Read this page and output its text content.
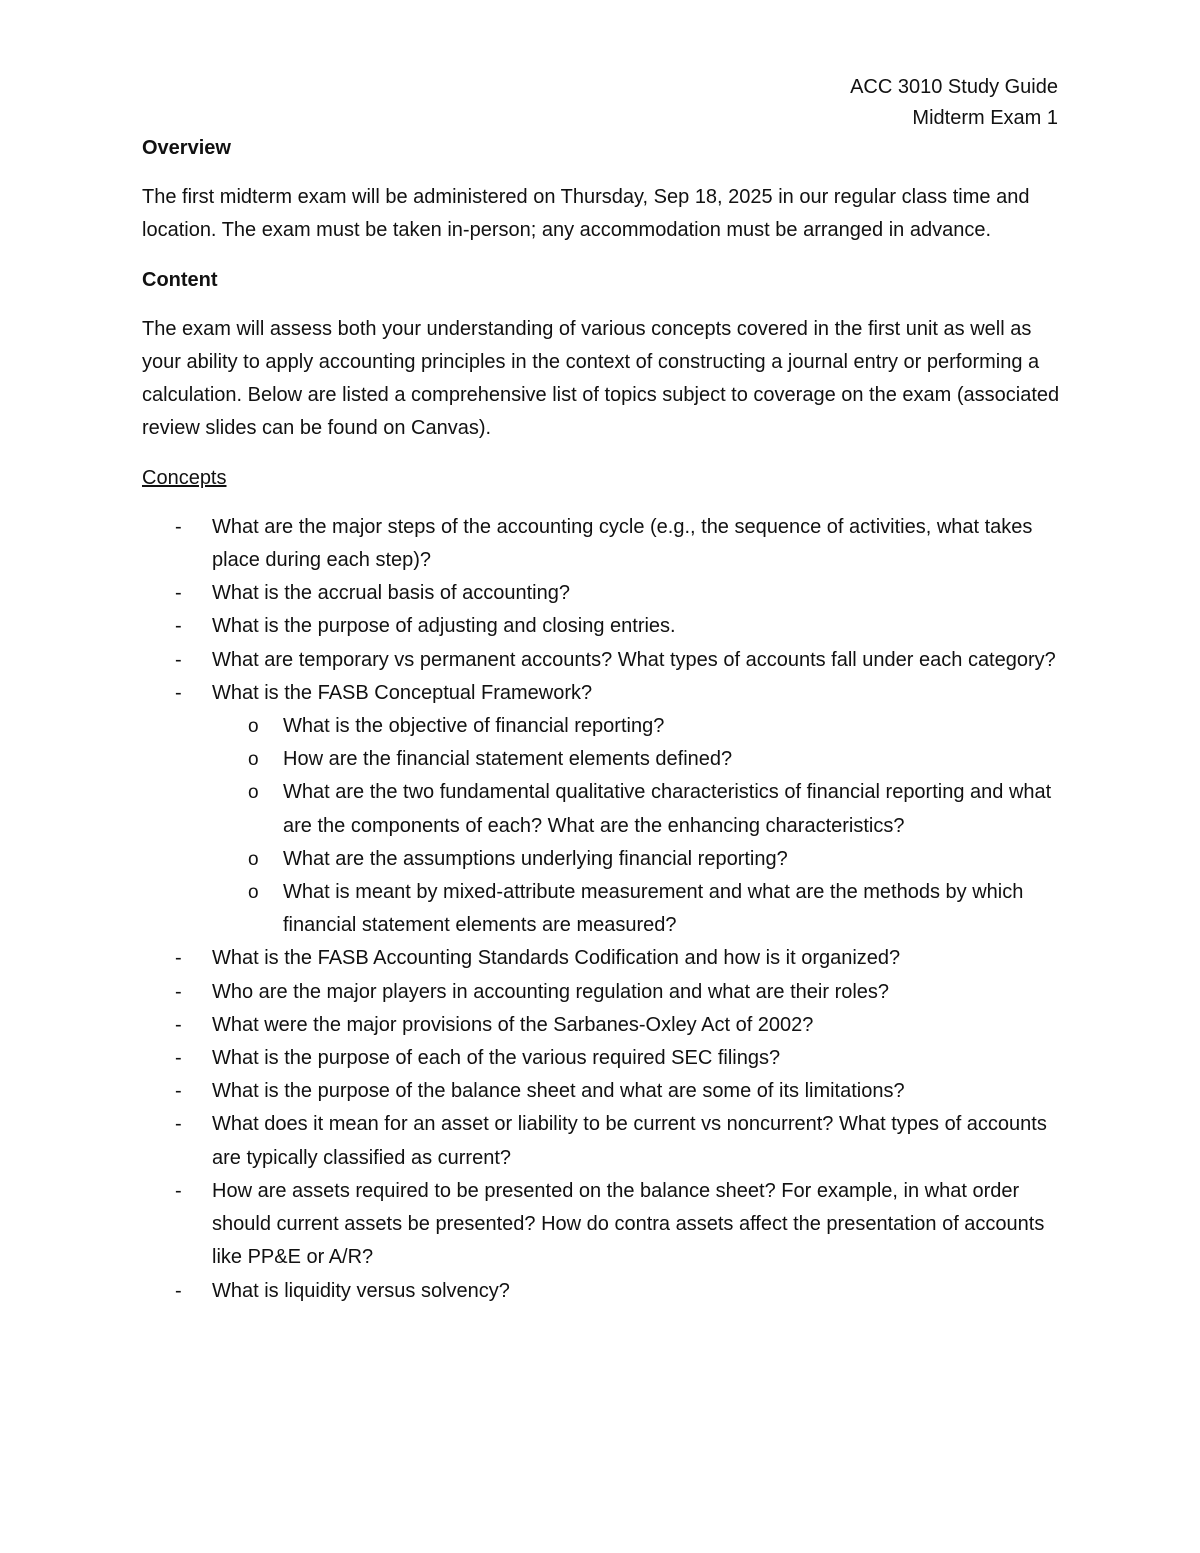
ACC 3010 Study Guide
Midterm Exam 1
Overview

The first midterm exam will be administered on Thursday, Sep 18, 2025 in our regular class time and location. The exam must be taken in-person; any accommodation must be arranged in advance.

Content

The exam will assess both your understanding of various concepts covered in the first unit as well as your ability to apply accounting principles in the context of constructing a journal entry or performing a calculation. Below are listed a comprehensive list of topics subject to coverage on the exam (associated review slides can be found on Canvas).

Concepts
- What are the major steps of the accounting cycle (e.g., the sequence of activities, what takes place during each step)?
- What is the accrual basis of accounting?
- What is the purpose of adjusting and closing entries.
- What are temporary vs permanent accounts? What types of accounts fall under each category?
- What is the FASB Conceptual Framework?
o What is the objective of financial reporting?
o How are the financial statement elements defined?
o What are the two fundamental qualitative characteristics of financial reporting and what are the components of each? What are the enhancing characteristics?
o What are the assumptions underlying financial reporting?
o What is meant by mixed-attribute measurement and what are the methods by which financial statement elements are measured?
- What is the FASB Accounting Standards Codification and how is it organized?
- Who are the major players in accounting regulation and what are their roles?
- What were the major provisions of the Sarbanes-Oxley Act of 2002?
- What is the purpose of each of the various required SEC filings?
- What is the purpose of the balance sheet and what are some of its limitations?
- What does it mean for an asset or liability to be current vs noncurrent? What types of accounts are typically classified as current?
- How are assets required to be presented on the balance sheet? For example, in what order should current assets be presented? How do contra assets affect the presentation of accounts like PP&E or A/R?
- What is liquidity versus solvency?
